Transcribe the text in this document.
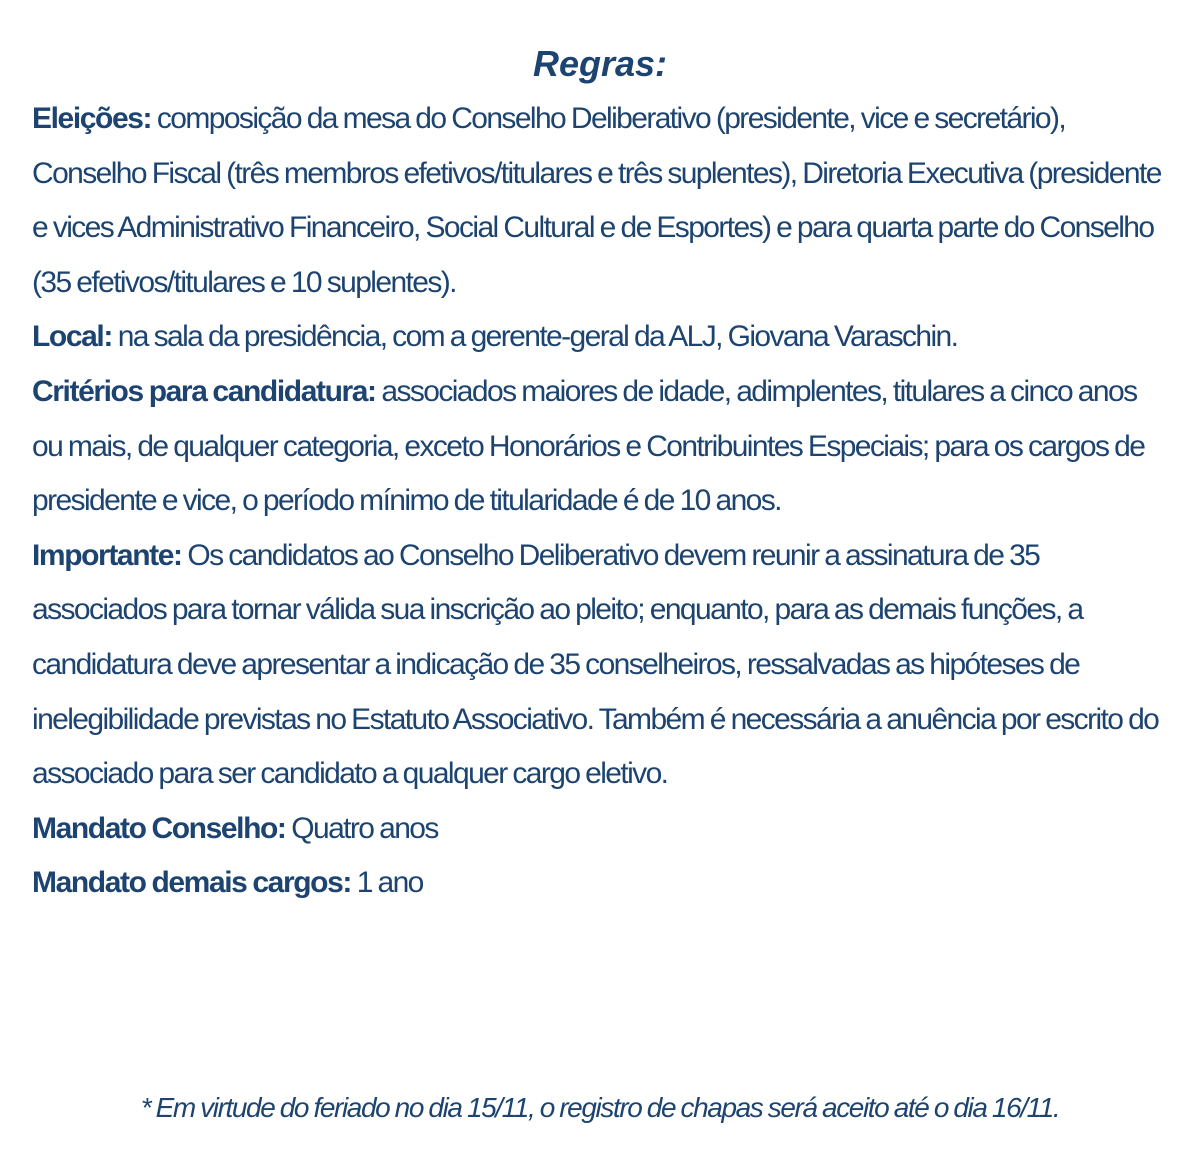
Regras:

Eleições: composição da mesa do Conselho Deliberativo (presidente, vice e secretário), Conselho Fiscal (três membros efetivos/titulares e três suplentes), Diretoria Executiva (presidente e vices Administrativo Financeiro, Social Cultural e de Esportes) e para quarta parte do Conselho (35 efetivos/titulares e 10 suplentes).

Local: na sala da presidência, com a gerente-geral da ALJ, Giovana Varaschin.

Critérios para candidatura: associados maiores de idade, adimplentes, titulares a cinco anos ou mais, de qualquer categoria, exceto Honorários e Contribuintes Especiais; para os cargos de presidente e vice, o período mínimo de titularidade é de 10 anos.

Importante: Os candidatos ao Conselho Deliberativo devem reunir a assinatura de 35 associados para tornar válida sua inscrição ao pleito; enquanto, para as demais funções, a candidatura deve apresentar a indicação de 35 conselheiros, ressalvadas as hipóteses de inelegibilidade previstas no Estatuto Associativo. Também é necessária a anuência por escrito do associado para ser candidato a qualquer cargo eletivo.

Mandato Conselho: Quatro anos

Mandato demais cargos: 1 ano

* Em virtude do feriado no dia 15/11, o registro de chapas será aceito até o dia 16/11.
